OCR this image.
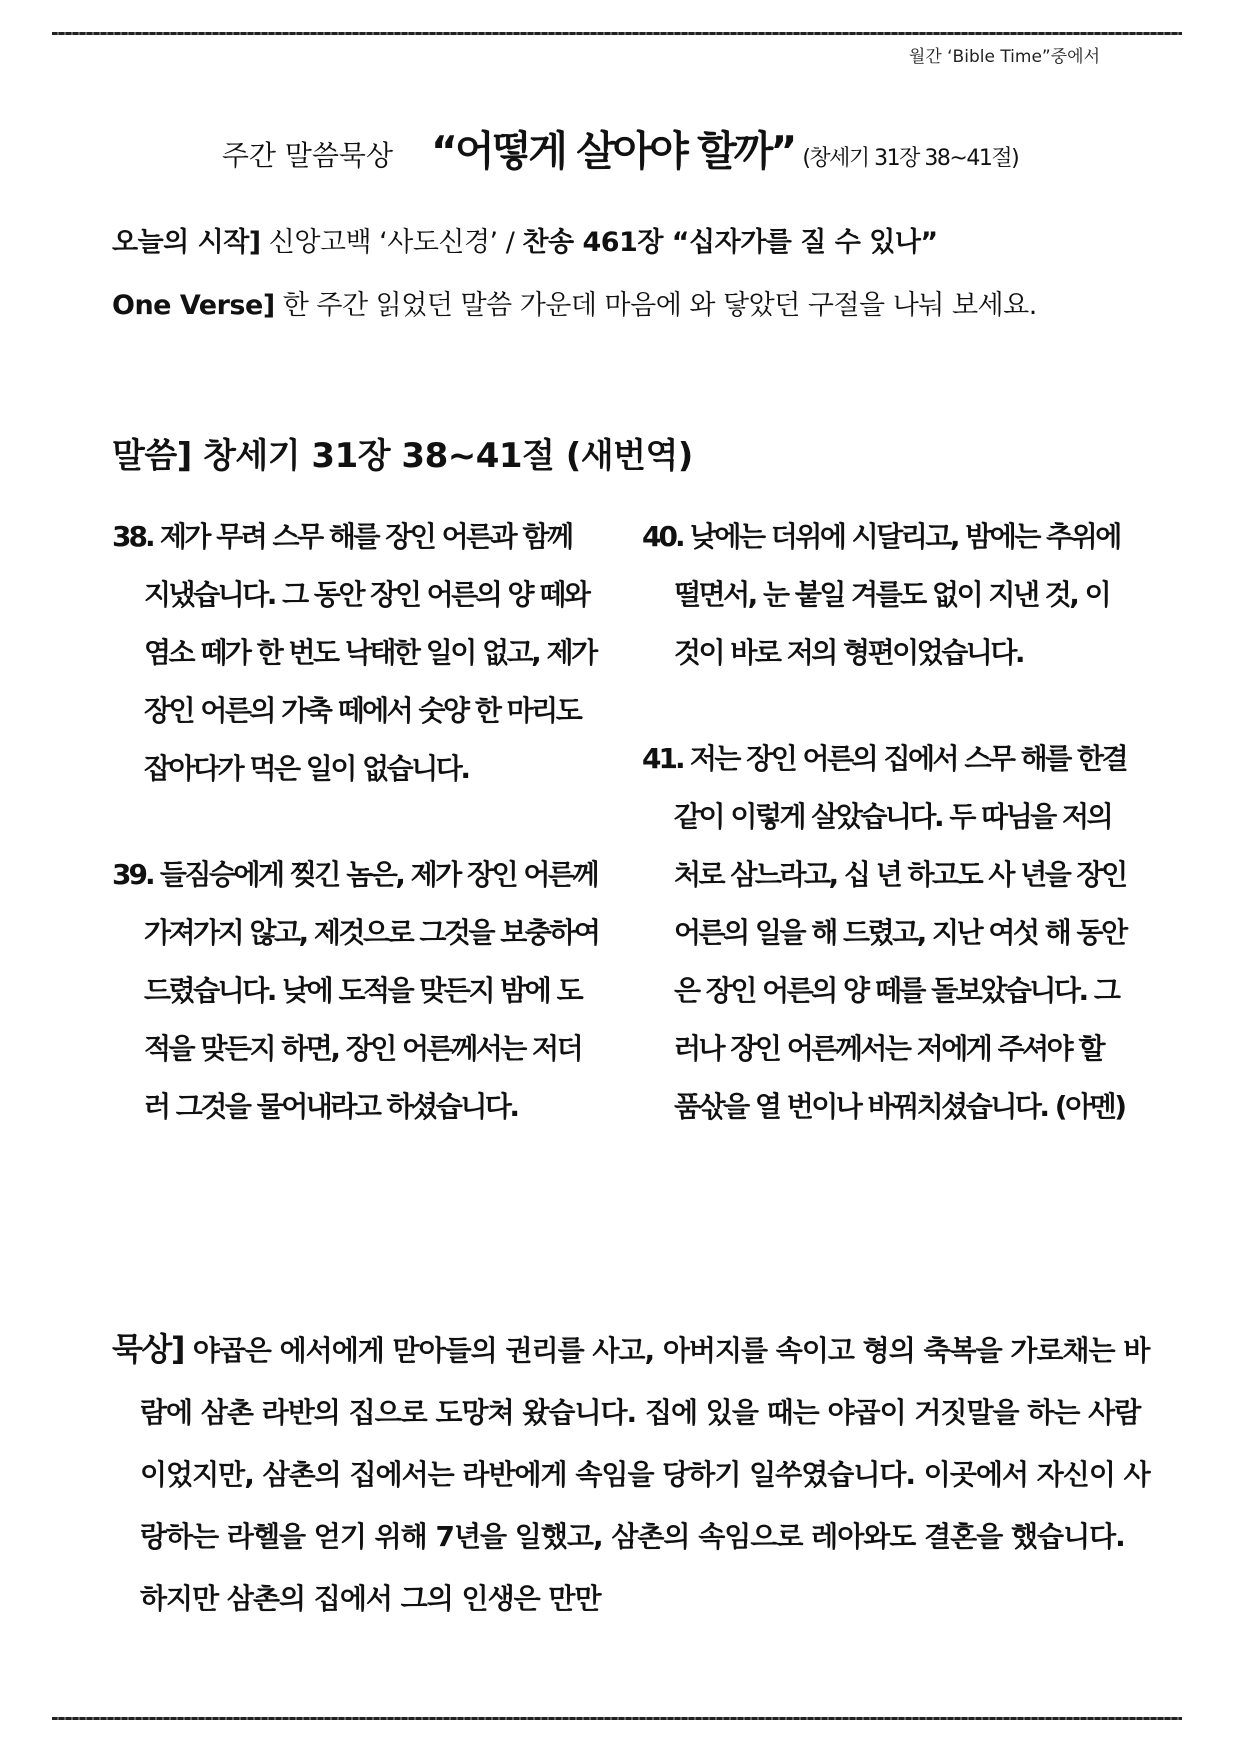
월간 ‘Bible Time”중에서
주간 말씀묵상 “어떻게 살아야 할까” (창세기 31장 38~41절)
오늘의 시작] 신앙고백 ‘사도신경’ / 찬송 461장 “십자가를 질 수 있나”
One Verse] 한 주간 읽었던 말씀 가운데 마음에 와 닿았던 구절을 나눠 보세요.
말씀] 창세기 31장 38~41절 (새번역)

38. 제가 무려 스무 해를 장인 어른과 함께 지냈습니다. 그 동안 장인 어른의 양 떼와 염소 떼가 한 번도 낙태한 일이 없고, 제가 장인 어른의 가축 떼에서 숫양 한 마리도 잡아다가 먹은 일이 없습니다.

39. 들짐승에게 찢긴 놈은, 제가 장인 어른께 가져가지 않고, 제것으로 그것을 보충하여 드렸습니다. 낮에 도적을 맞든지 밤에 도적을 맞든지 하면, 장인 어른께서는 저더러 그것을 물어내라고 하셨습니다.

40. 낮에는 더위에 시달리고, 밤에는 추위에 떨면서, 눈 붙일 겨를도 없이 지낸 것, 이것이 바로 저의 형편이었습니다.

41. 저는 장인 어른의 집에서 스무 해를 한결같이 이렇게 살았습니다. 두 따님을 저의 처로 삼느라고, 십 년 하고도 사 년을 장인 어른의 일을 해 드렸고, 지난 여섯 해 동안은 장인 어른의 양 떼를 돌보았습니다. 그러나 장인 어른께서는 저에게 주셔야 할 품삯을 열 번이나 바꿔치셨습니다. (아멘)

묵상] 야곱은 에서에게 맏아들의 권리를 사고, 아버지를 속이고 형의 축복을 가로채는 바람에 삼촌 라반의 집으로 도망쳐 왔습니다. 집에 있을 때는 야곱이 거짓말을 하는 사람이었지만, 삼촌의 집에서는 라반에게 속임을 당하기 일쑤였습니다. 이곳에서 자신이 사랑하는 라헬을 얻기 위해 7년을 일했고, 삼촌의 속임으로 레아와도 결혼을 했습니다. 하지만 삼촌의 집에서 그의 인생은 만만
